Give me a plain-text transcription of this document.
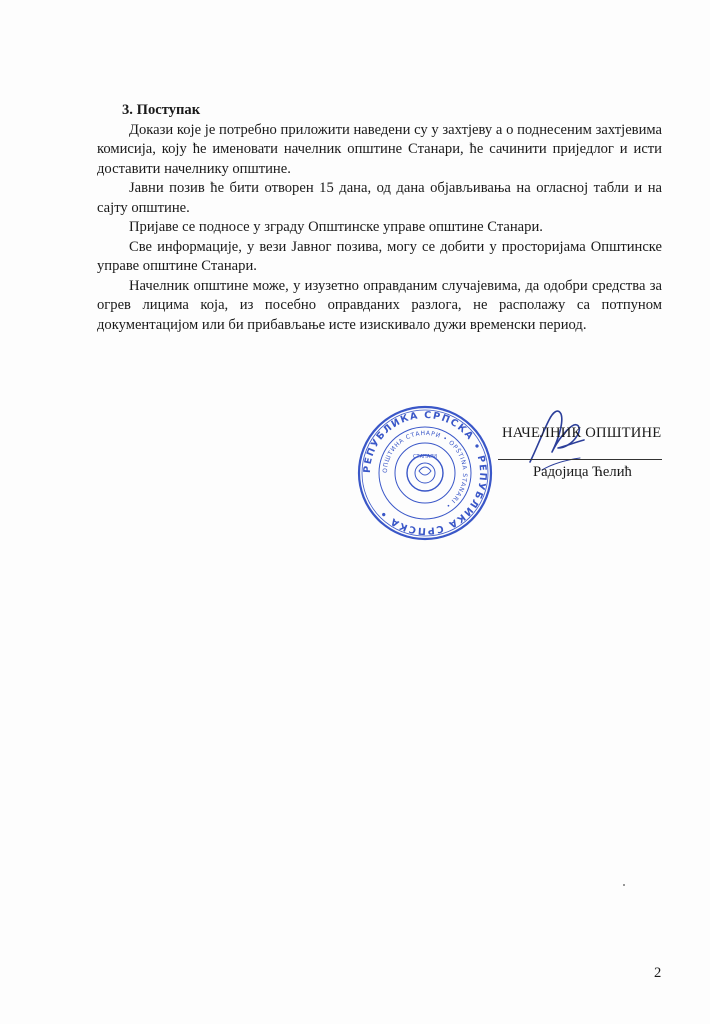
3. Поступак

Докази које је потребно приложити наведени су у захтјеву а о поднесеним захтјевима комисија, коју ће именовати начелник општине Станари, ће сачинити приједлог и исти доставити начелнику општине.

Јавни позив ће бити отворен 15 дана, од дана објављивања на огласној табли и на сајту општине.

Пријаве се подносе у зграду Општинске управе општине Станари.

Све информације, у вези Јавног позива, могу се добити у просторијама Општинске управе општине Станари.

Начелник општине може, у изузетно оправданим случајевима, да одобри средства за огрев лицима која, из посебно оправданих разлога, не располажу са потпуном документацијом или би прибављање исте изискивало дужи временски период.

РЕПУБЛИКА СРПСКА • РЕПУБЛИКА СРПСКА •
ОПШТИНА СТАНАРИ • OPŠTINA STANARI •
СТАНАРИ
НАЧЕЛНИК ОПШТИНЕ
Радојица Ћелић
2
